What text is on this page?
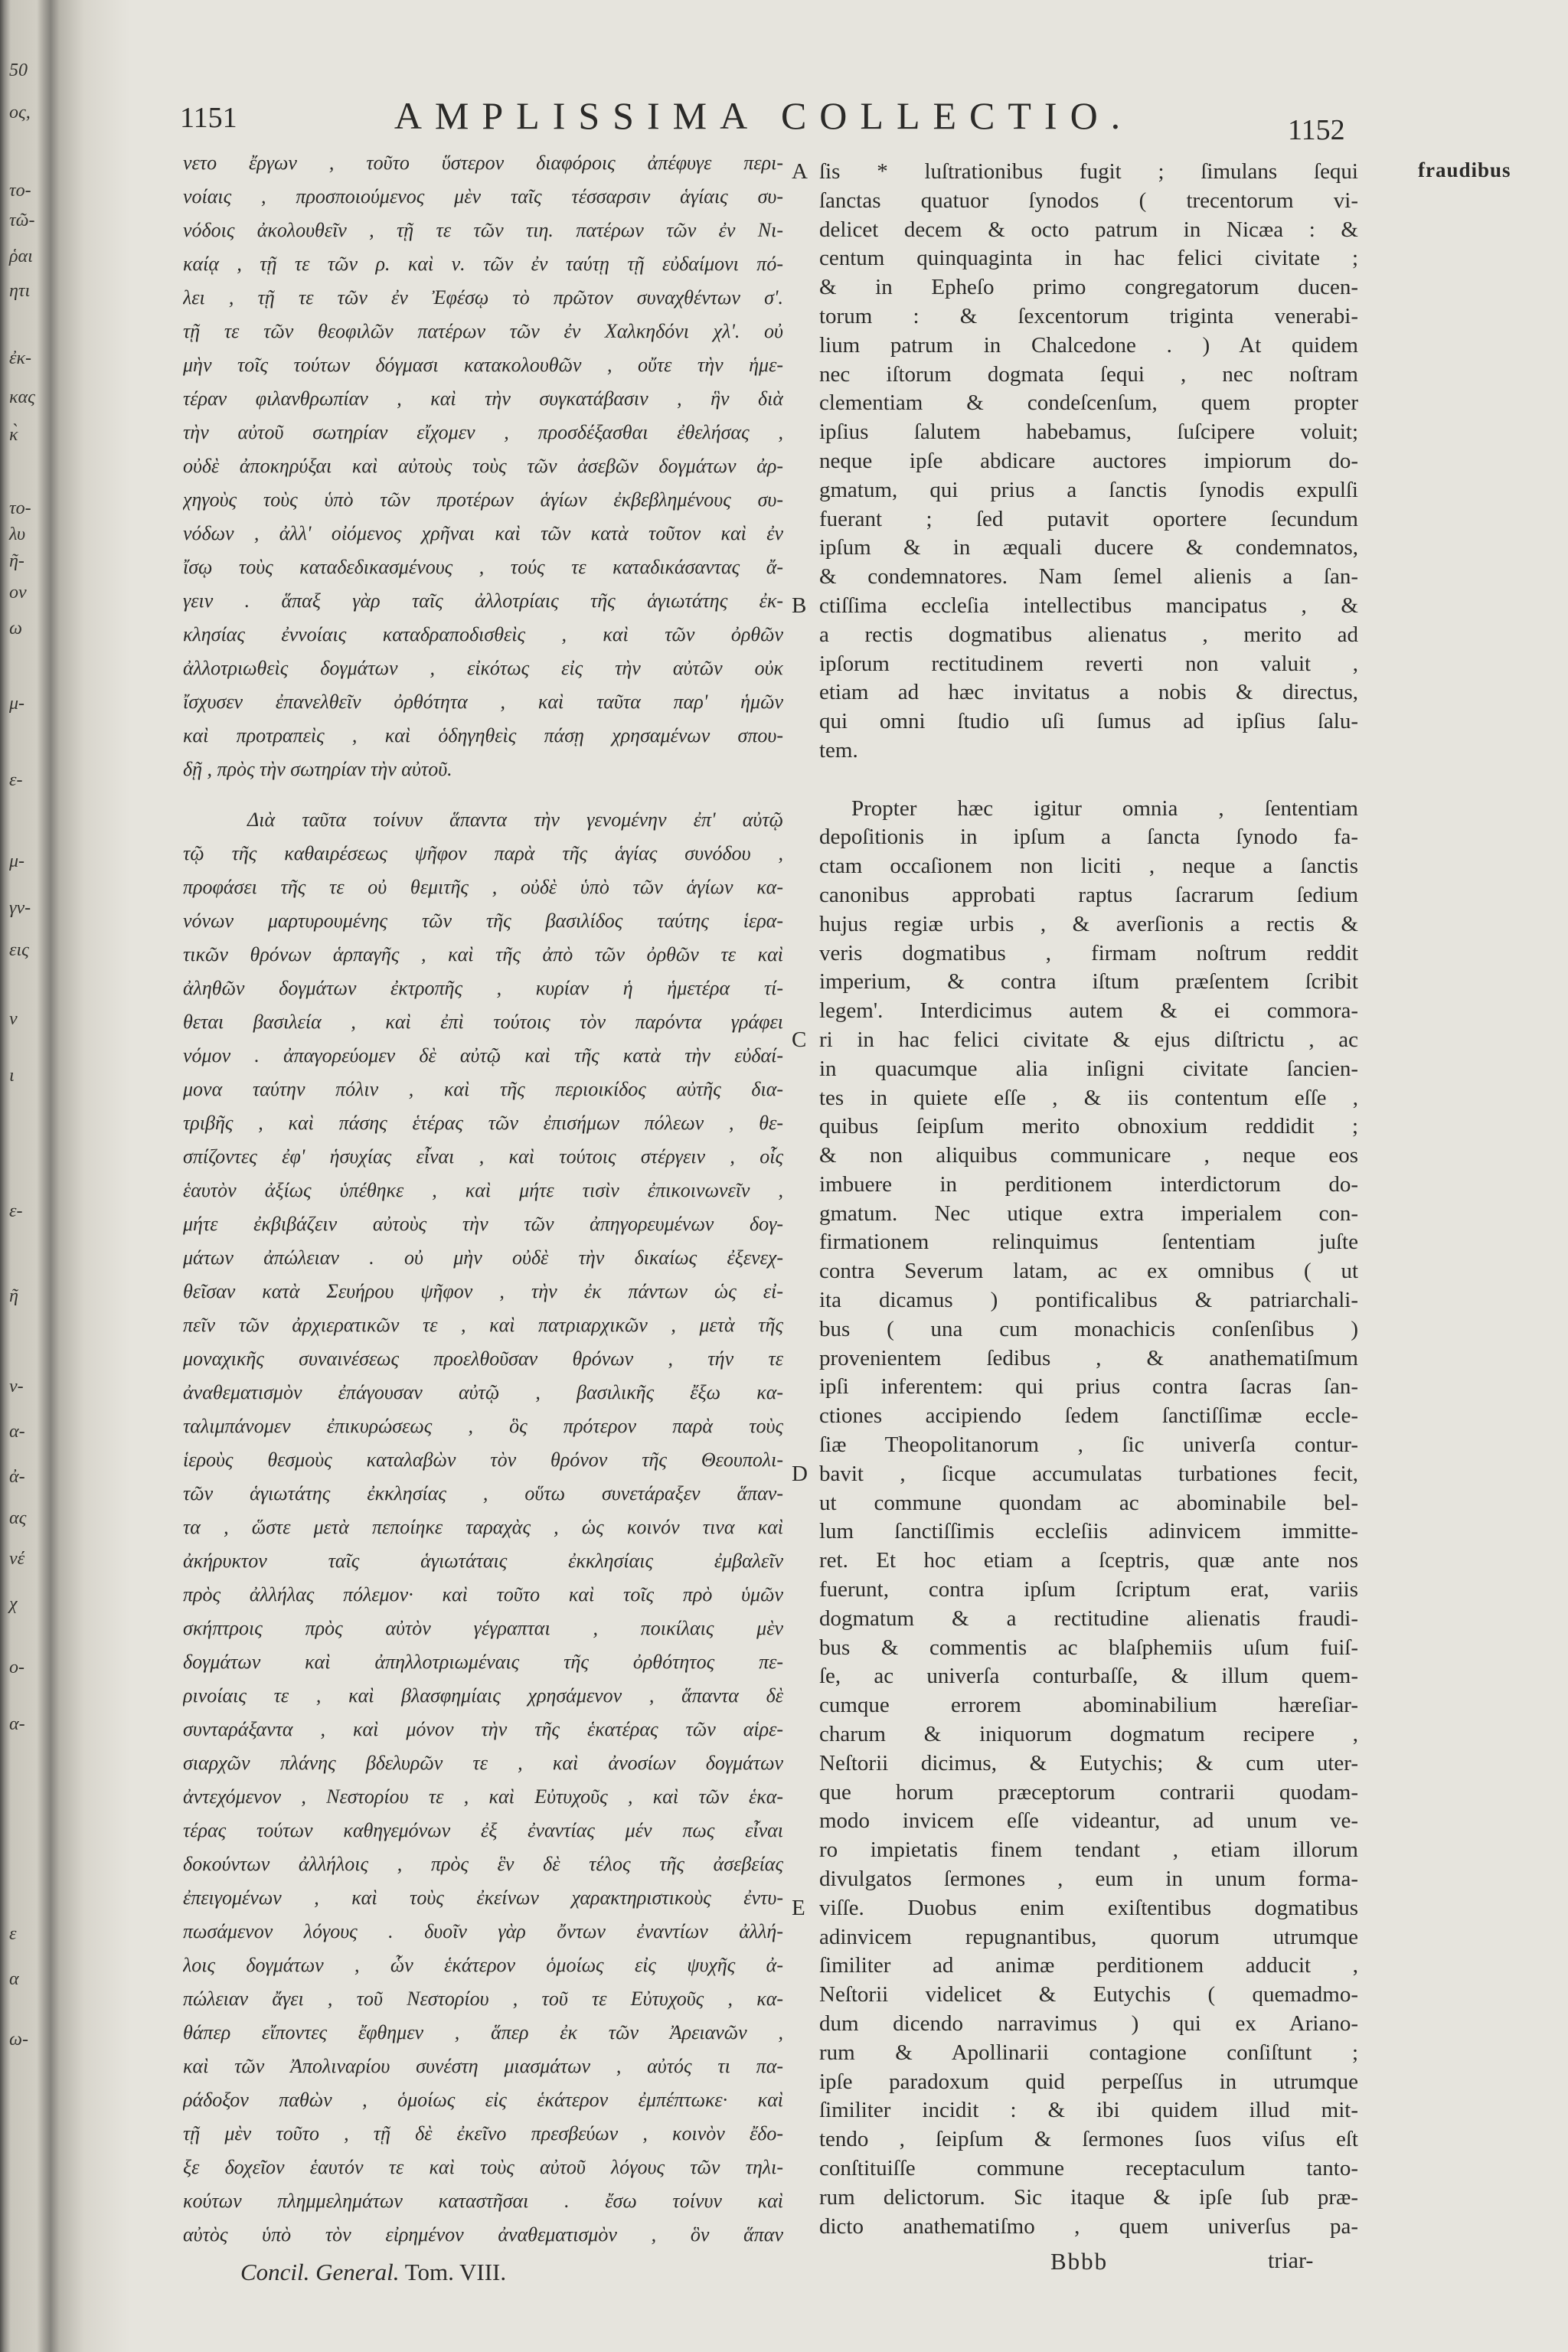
50
ος,
το-
τῶ-
ῥαι
ητι
ἐκ-
κας
κ̀
το-
λυ
ῆ-
ον
ω
μ-
ε-
μ-
γν-
εις
ν
ι
ε-
ῆ
ν-
α-
ἀ-
ας
νέ
χ
ο-
α-
ε
α
ω-
1151	AMPLISSIMA COLLECTIO.	1152
fraudibus
νετο ἔργων , τοῦτο ὕστερον διαφόροις ἀπέφυγε περι-
νοίαις , προσποιούμενος μὲν ταῖς τέσσαρσιν ἁγίαις συ-
νόδοις ἀκολουθεῖν , τῇ τε τῶν τιη. πατέρων τῶν ἐν Νι-
καίᾳ , τῇ τε τῶν ρ. καὶ ν. τῶν ἐν ταύτῃ τῇ εὐδαίμονι πό-
λει , τῇ τε τῶν ἐν Ἐφέσῳ τὸ πρῶτον συναχθέντων σ'.
τῇ τε τῶν θεοφιλῶν πατέρων τῶν ἐν Χαλκηδόνι χλ'. οὐ
μὴν τοῖς τούτων δόγμασι κατακολουθῶν , οὔτε τὴν ἡμε-
τέραν φιλανθρωπίαν , καὶ τὴν συγκατάβασιν , ἣν διὰ
τὴν αὐτοῦ σωτηρίαν εἴχομεν , προσδέξασθαι ἐθελήσας ,
οὐδὲ ἀποκηρύξαι καὶ αὐτοὺς τοὺς τῶν ἀσεβῶν δογμάτων ἀρ-
χηγοὺς τοὺς ὑπὸ τῶν προτέρων ἁγίων ἐκβεβλημένους συ-
νόδων , ἀλλ' οἰόμενος χρῆναι καὶ τῶν κατὰ τοῦτον καὶ ἐν
ἴσῳ τοὺς καταδεδικασμένους , τούς τε καταδικάσαντας ἄ-
γειν . ἅπαξ γὰρ ταῖς ἀλλοτρίαις τῆς ἁγιωτάτης ἐκ-
κλησίας ἐννοίαις καταδραποδισθεὶς , καὶ τῶν ὀρθῶν
ἀλλοτριωθεὶς δογμάτων , εἰκότως εἰς τὴν αὐτῶν οὐκ
ἴσχυσεν ἐπανελθεῖν ὀρθότητα , καὶ ταῦτα παρ' ἡμῶν
καὶ προτραπεὶς , καὶ ὁδηγηθεὶς πάσῃ χρησαμένων σπου-
δῇ , πρὸς τὴν σωτηρίαν τὴν αὐτοῦ.
Διὰ ταῦτα τοίνυν ἅπαντα τὴν γενομένην ἐπ' αὐτῷ
τῷ τῆς καθαιρέσεως ψῆφον παρὰ τῆς ἁγίας συνόδου ,
προφάσει τῆς τε οὐ θεμιτῆς , οὐδὲ ὑπὸ τῶν ἁγίων κα-
νόνων μαρτυρουμένης τῶν τῆς βασιλίδος ταύτης ἱερα-
τικῶν θρόνων ἁρπαγῆς , καὶ τῆς ἀπὸ τῶν ὀρθῶν τε καὶ
ἀληθῶν δογμάτων ἐκτροπῆς , κυρίαν ἡ ἡμετέρα τί-
θεται βασιλεία , καὶ ἐπὶ τούτοις τὸν παρόντα γράφει
νόμον . ἀπαγορεύομεν δὲ αὐτῷ καὶ τῆς κατὰ τὴν εὐδαί-
μονα ταύτην πόλιν , καὶ τῆς περιοικίδος αὐτῆς δια-
τριβῆς , καὶ πάσης ἑτέρας τῶν ἐπισήμων πόλεων , θε-
σπίζοντες ἐφ' ἡσυχίας εἶναι , καὶ τούτοις στέργειν , οἷς
ἑαυτὸν ἀξίως ὑπέθηκε , καὶ μήτε τισὶν ἐπικοινωνεῖν ,
μήτε ἐκβιβάζειν αὐτοὺς τὴν τῶν ἀπηγορευμένων δογ-
μάτων ἀπώλειαν . οὐ μὴν οὐδὲ τὴν δικαίως ἐξενεχ-
θεῖσαν κατὰ Σευήρου ψῆφον , τὴν ἐκ πάντων ὡς εἰ-
πεῖν τῶν ἀρχιερατικῶν τε , καὶ πατριαρχικῶν , μετὰ τῆς
μοναχικῆς συναινέσεως προελθοῦσαν θρόνων , τήν τε
ἀναθεματισμὸν ἐπάγουσαν αὐτῷ , βασιλικῆς ἔξω κα-
ταλιμπάνομεν ἐπικυρώσεως , ὃς πρότερον παρὰ τοὺς
ἱεροὺς θεσμοὺς καταλαβὼν τὸν θρόνον τῆς Θεουπολι-
τῶν ἁγιωτάτης ἐκκλησίας , οὕτω συνετάραξεν ἅπαν-
τα , ὥστε μετὰ πεποίηκε ταραχὰς , ὡς κοινόν τινα καὶ
ἀκήρυκτον ταῖς ἁγιωτάταις ἐκκλησίαις ἐμβαλεῖν
πρὸς ἀλλήλας πόλεμον· καὶ τοῦτο καὶ τοῖς πρὸ ὑμῶν
σκήπτροις πρὸς αὐτὸν γέγραπται , ποικίλαις μὲν
δογμάτων καὶ ἀπηλλοτριωμέναις τῆς ὀρθότητος πε-
ρινοίαις τε , καὶ βλασφημίαις χρησάμενον , ἅπαντα δὲ
συνταράξαντα , καὶ μόνον τὴν τῆς ἑκατέρας τῶν αἱρε-
σιαρχῶν πλάνης βδελυρῶν τε , καὶ ἀνοσίων δογμάτων
ἀντεχόμενον , Νεστορίου τε , καὶ Εὐτυχοῦς , καὶ τῶν ἑκα-
τέρας τούτων καθηγεμόνων ἐξ ἐναντίας μέν πως εἶναι
δοκούντων ἀλλήλοις , πρὸς ἓν δὲ τέλος τῆς ἀσεβείας
ἐπειγομένων , καὶ τοὺς ἐκείνων χαρακτηριστικοὺς ἐντυ-
πωσάμενον λόγους . δυοῖν γὰρ ὄντων ἐναντίων ἀλλή-
λοις δογμάτων , ὧν ἑκάτερον ὁμοίως εἰς ψυχῆς ἀ-
πώλειαν ἄγει , τοῦ Νεστορίου , τοῦ τε Εὐτυχοῦς , κα-
θάπερ εἴποντες ἔφθημεν , ἅπερ ἐκ τῶν Ἀρειανῶν ,
καὶ τῶν Ἀπολιναρίου συνέστη μιασμάτων , αὐτός τι πα-
ράδοξον παθὼν , ὁμοίως εἰς ἑκάτερον ἐμπέπτωκε· καὶ
τῇ μὲν τοῦτο , τῇ δὲ ἐκεῖνο πρεσβεύων , κοινὸν ἔδο-
ξε δοχεῖον ἑαυτόν τε καὶ τοὺς αὐτοῦ λόγους τῶν τηλι-
κούτων πλημμελημάτων καταστῆσαι . ἔσω τοίνυν καὶ
αὐτὸς ὑπὸ τὸν εἰρημένον ἀναθεματισμὸν , ὃν ἅπαν
A ſis * luſtrationibus fugit ; ſimulans ſequi
ſanctas quatuor ſynodos ( trecentorum vi-
delicet decem & octo patrum in Nicæa : &
centum quinquaginta in hac felici civitate ;
& in Epheſo primo congregatorum ducen-
torum : & ſexcentorum triginta venerabi-
lium patrum in Chalcedone . ) At quidem
nec iſtorum dogmata ſequi , nec noſtram
clementiam & condeſcenſum, quem propter
ipſius ſalutem habebamus, ſuſcipere voluit;
neque ipſe abdicare auctores impiorum do-
gmatum, qui prius a ſanctis ſynodis expulſi
fuerant ; ſed putavit oportere ſecundum
ipſum & in æquali ducere & condemnatos,
& condemnatores. Nam ſemel alienis a ſan-
B ctiſſima eccleſia intellectibus mancipatus , &
a rectis dogmatibus alienatus , merito ad
ipſorum rectitudinem reverti non valuit ,
etiam ad hæc invitatus a nobis & directus,
qui omni ſtudio uſi ſumus ad ipſius ſalu-
tem.
Propter hæc igitur omnia , ſententiam
depoſitionis in ipſum a ſancta ſynodo fa-
ctam occaſionem non liciti , neque a ſanctis
canonibus approbati raptus ſacrarum ſedium
hujus regiæ urbis , & averſionis a rectis &
veris dogmatibus , firmam noſtrum reddit
imperium, & contra iſtum præſentem ſcribit
legem'. Interdicimus autem & ei commora-
C ri in hac felici civitate & ejus diſtrictu , ac
in quacumque alia inſigni civitate ſancien-
tes in quiete eſſe , & iis contentum eſſe ,
quibus ſeipſum merito obnoxium reddidit ;
& non aliquibus communicare , neque eos
imbuere in perditionem interdictorum do-
gmatum. Nec utique extra imperialem con-
firmationem relinquimus ſententiam juſte
contra Severum latam, ac ex omnibus ( ut
ita dicamus ) pontificalibus & patriarchali-
bus ( una cum monachicis conſenſibus )
provenientem ſedibus , & anathematiſmum
ipſi inferentem: qui prius contra ſacras ſan-
ctiones accipiendo ſedem ſanctiſſimæ eccle-
ſiæ Theopolitanorum , ſic univerſa contur-
D bavit , ſicque accumulatas turbationes fecit,
ut commune quondam ac abominabile bel-
lum ſanctiſſimis eccleſiis adinvicem immitte-
ret. Et hoc etiam a ſceptris, quæ ante nos
fuerunt, contra ipſum ſcriptum erat, variis
dogmatum & a rectitudine alienatis fraudi-
bus & commentis ac blaſphemiis uſum fuiſ-
ſe, ac univerſa conturbaſſe, & illum quem-
cumque errorem abominabilium hæreſiar-
charum & iniquorum dogmatum recipere ,
Neſtorii dicimus, & Eutychis; & cum uter-
que horum præceptorum contrarii quodam-
modo invicem eſſe videantur, ad unum ve-
ro impietatis finem tendant , etiam illorum
divulgatos ſermones , eum in unum forma-
E viſſe. Duobus enim exiſtentibus dogmatibus
adinvicem repugnantibus, quorum utrumque
ſimiliter ad animæ perditionem adducit ,
Neſtorii videlicet & Eutychis ( quemadmo-
dum dicendo narravimus ) qui ex Ariano-
rum & Apollinarii contagione conſiſtunt ;
ipſe paradoxum quid perpeſſus in utrumque
ſimiliter incidit : & ibi quidem illud mit-
tendo , ſeipſum & ſermones ſuos viſus eſt
conſtituiſſe commune receptaculum tanto-
rum delictorum. Sic itaque & ipſe ſub præ-
dicto anathematiſmo , quem univerſus pa-
Concil. General. Tom. VIII.	Bbbb	triar-
